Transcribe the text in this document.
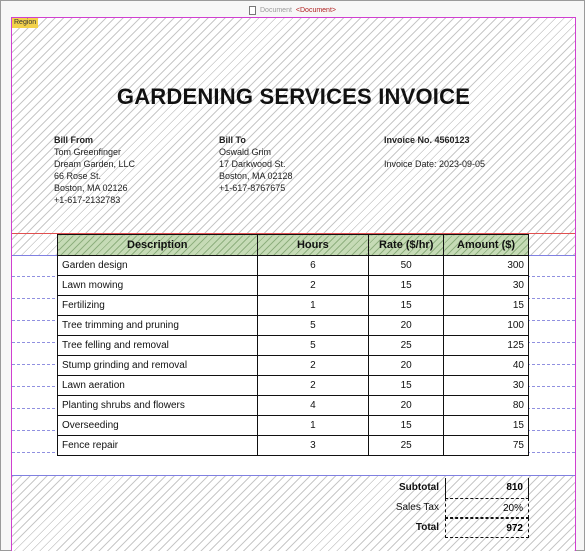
Document <Document>
Region
GARDENING SERVICES INVOICE
Bill From
Tom Greenfinger
Dream Garden, LLC
66 Rose St.
Boston, MA 02126
+1-617-2132783
Bill To
Oswald Grim
17 Darkwood St.
Boston, MA 02128
+1-617-8767675
Invoice No. 4560123
Invoice Date: 2023-09-05
Description	Hours	Rate ($/hr)	Amount ($)
Garden design	6	50	300
Lawn mowing	2	15	30
Fertilizing	1	15	15
Tree trimming and pruning	5	20	100
Tree felling and removal	5	25	125
Stump grinding and removal	2	20	40
Lawn aeration	2	15	30
Planting shrubs and flowers	4	20	80
Overseeding	1	15	15
Fence repair	3	25	75
Subtotal	810
Sales Tax	20%
Total	972
